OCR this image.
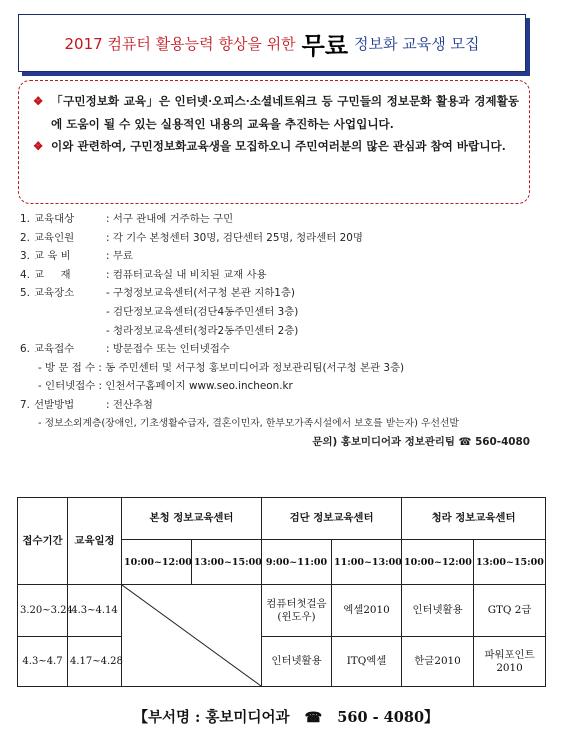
2017 컴퓨터 활용능력 향상을 위한 무료 정보화 교육생 모집
❖ 「구민정보화 교육」은 인터넷·오피스·소셜네트워크 등 구민들의 정보문화 활용과 경제활동에 도움이 될 수 있는 실용적인 내용의 교육을 추진하는 사업입니다.
❖ 이와 관련하여, 구민정보화교육생을 모집하오니 주민여러분의 많은 관심과 참여 바랍니다.
1. 교육대상	: 서구 관내에 거주하는 구민
2. 교육인원	: 각 기수 본청센터 30명, 검단센터 25명, 청라센터 20명
3. 교 육 비	: 무료
4. 교     재	: 컴퓨터교육실 내 비치된 교재 사용
5. 교육장소	- 구청정보교육센터(서구청 본관 지하1층)
- 검단정보교육센터(검단4동주민센터 3층)
- 청라정보교육센터(청라2동주민센터 2층)
6. 교육접수	: 방문접수 또는 인터넷접수
- 방 문 접 수 : 동 주민센터 및 서구청 홍보미디어과 정보관리팀(서구청 본관 3층)
- 인터넷접수 : 인천서구홈페이지 www.seo.incheon.kr
7. 선발방법	: 전산추첨
- 정보소외계층(장애인, 기초생활수급자, 결혼이민자, 한부모가족시설에서 보호를 받는자) 우선선발
문의) 홍보미디어과 정보관리팀
☎
560-4080
접수기간	교육일정	본청 정보교육센터		검단 정보교육센터		청라 정보교육센터	
		10:00~12:00	13:00~15:00	9:00~11:00	11:00~13:00	10:00~12:00	13:00~15:00
3.20~3.24	4.3~4.14			컴퓨터첫걸음 (윈도우)	엑셀2010	인터넷활용	GTQ 2급
4.3~4.7	4.17~4.28			인터넷활용	ITQ엑셀	한글2010	파워포인트 2010
【부서명 : 홍보미디어과 ☎ 560 - 4080】
